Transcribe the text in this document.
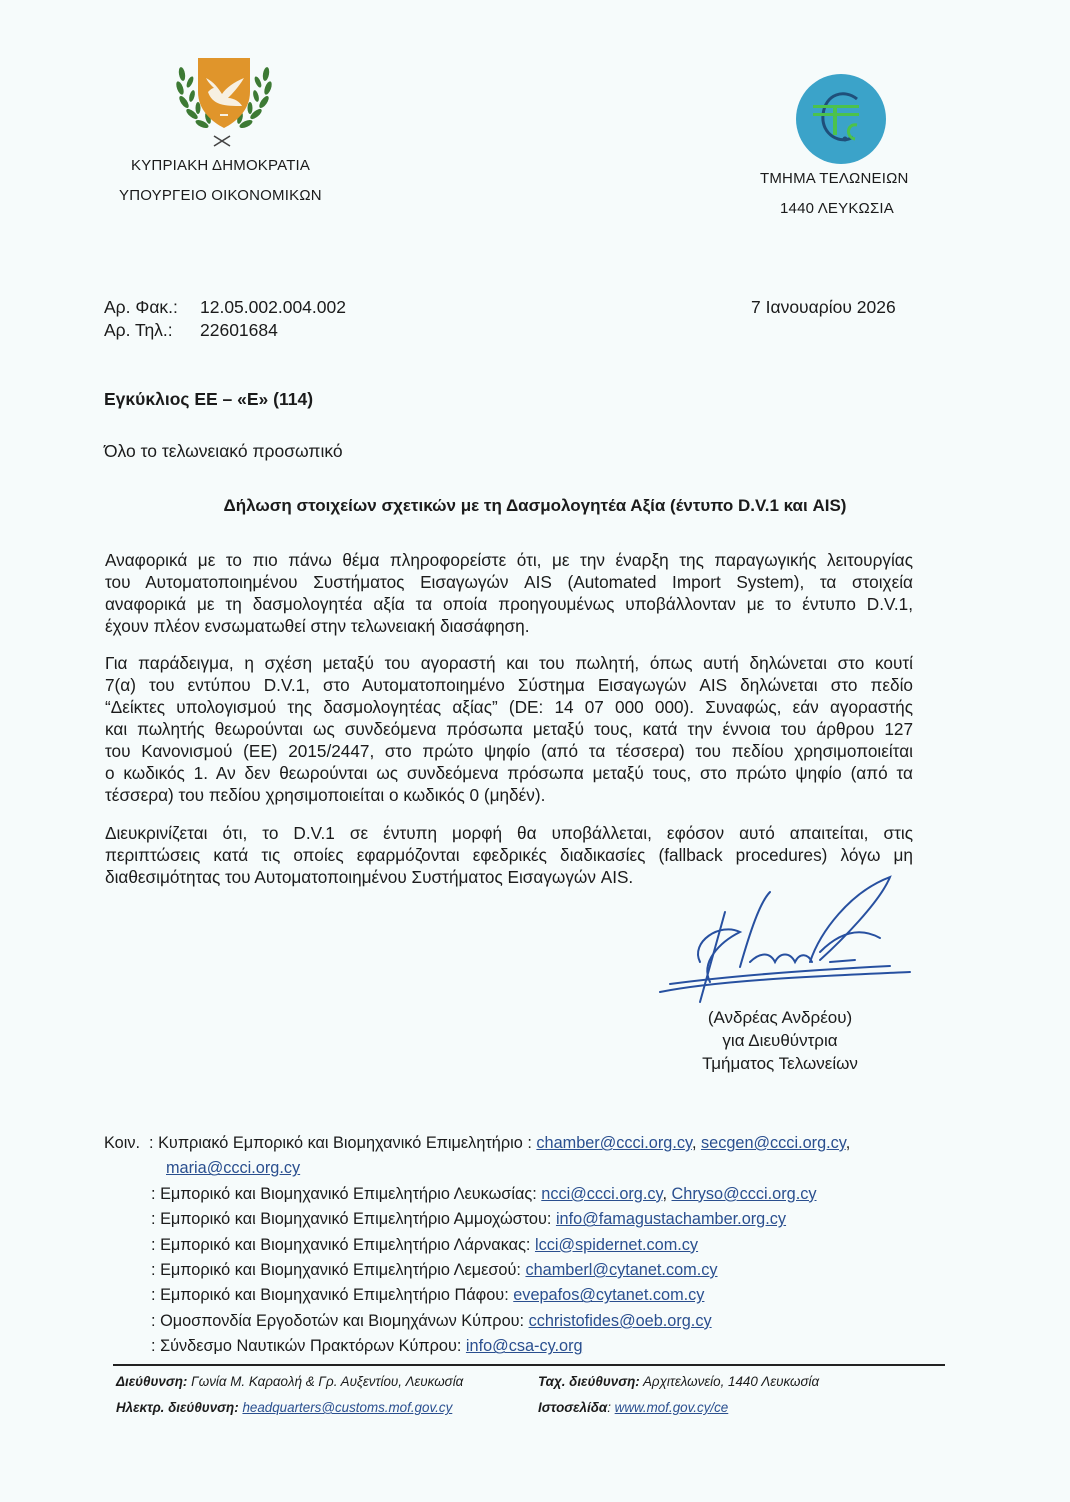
ΚΥΠΡΙΑΚΗ ΔΗΜΟΚΡΑΤΙΑ
ΥΠΟΥΡΓΕΙΟ ΟΙΚΟΝΟΜΙΚΩΝ
ΤΜΗΜΑ ΤΕΛΩΝΕΙΩΝ
1440 ΛΕΥΚΩΣΙΑ
Αρ. Φακ.:	12.05.002.004.002
Αρ. Τηλ.:	22601684
7 Ιανουαρίου 2026
Εγκύκλιος ΕΕ – «Ε» (114)
Όλο το τελωνειακό προσωπικό
Δήλωση στοιχείων σχετικών με τη Δασμολογητέα Αξία (έντυπο D.V.1 και AIS)
Αναφορικά με το πιο πάνω θέμα πληροφορείστε ότι, με την έναρξη της παραγωγικής λειτουργίας
του Αυτοματοποιημένου Συστήματος Εισαγωγών AIS (Automated Import System), τα στοιχεία
αναφορικά με τη δασμολογητέα αξία τα οποία προηγουμένως υποβάλλονταν με το έντυπο D.V.1,
έχουν πλέον ενσωματωθεί στην τελωνειακή διασάφηση.
Για παράδειγμα, η σχέση μεταξύ του αγοραστή και του πωλητή, όπως αυτή δηλώνεται στο κουτί
7(α) του εντύπου D.V.1, στο Αυτοματοποιημένο Σύστημα Εισαγωγών AIS δηλώνεται στο πεδίο
“Δείκτες υπολογισμού της δασμολογητέας αξίας” (DE: 14 07 000 000). Συναφώς, εάν αγοραστής
και πωλητής θεωρούνται ως συνδεόμενα πρόσωπα μεταξύ τους, κατά την έννοια του άρθρου 127
του Κανονισμού (ΕΕ) 2015/2447, στο πρώτο ψηφίο (από τα τέσσερα) του πεδίου χρησιμοποιείται
ο κωδικός 1. Αν δεν θεωρούνται ως συνδεόμενα πρόσωπα μεταξύ τους, στο πρώτο ψηφίο (από τα
τέσσερα) του πεδίου χρησιμοποιείται ο κωδικός 0 (μηδέν).
Διευκρινίζεται ότι, το D.V.1 σε έντυπη μορφή θα υποβάλλεται, εφόσον αυτό απαιτείται, στις
περιπτώσεις κατά τις οποίες εφαρμόζονται εφεδρικές διαδικασίες (fallback procedures) λόγω μη
διαθεσιμότητας του Αυτοματοποιημένου Συστήματος Εισαγωγών AIS.
(Ανδρέας Ανδρέου)
για Διευθύντρια
Τμήματος Τελωνείων
Κοιν. : Κυπριακό Εμπορικό και Βιομηχανικό Επιμελητήριο : chamber@ccci.org.cy, secgen@ccci.org.cy,
maria@ccci.org.cy
: Εμπορικό και Βιομηχανικό Επιμελητήριο Λευκωσίας: ncci@ccci.org.cy, Chryso@ccci.org.cy
: Εμπορικό και Βιομηχανικό Επιμελητήριο Αμμοχώστου: info@famagustachamber.org.cy
: Εμπορικό και Βιομηχανικό Επιμελητήριο Λάρνακας: lcci@spidernet.com.cy
: Εμπορικό και Βιομηχανικό Επιμελητήριο Λεμεσού: chamberl@cytanet.com.cy
: Εμπορικό και Βιομηχανικό Επιμελητήριο Πάφου: evepafos@cytanet.com.cy
: Ομοσπονδία Εργοδοτών και Βιομηχάνων Κύπρου: cchristofides@oeb.org.cy
: Σύνδεσμο Ναυτικών Πρακτόρων Κύπρου: info@csa-cy.org
Διεύθυνση: Γωνία Μ. Καραολή & Γρ. Αυξεντίου, Λευκωσία
Ηλεκτρ. διεύθυνση: headquarters@customs.mof.gov.cy
Ταχ. διεύθυνση: Αρχιτελωνείο, 1440 Λευκωσία
Ιστοσελίδα: www.mof.gov.cy/ce
